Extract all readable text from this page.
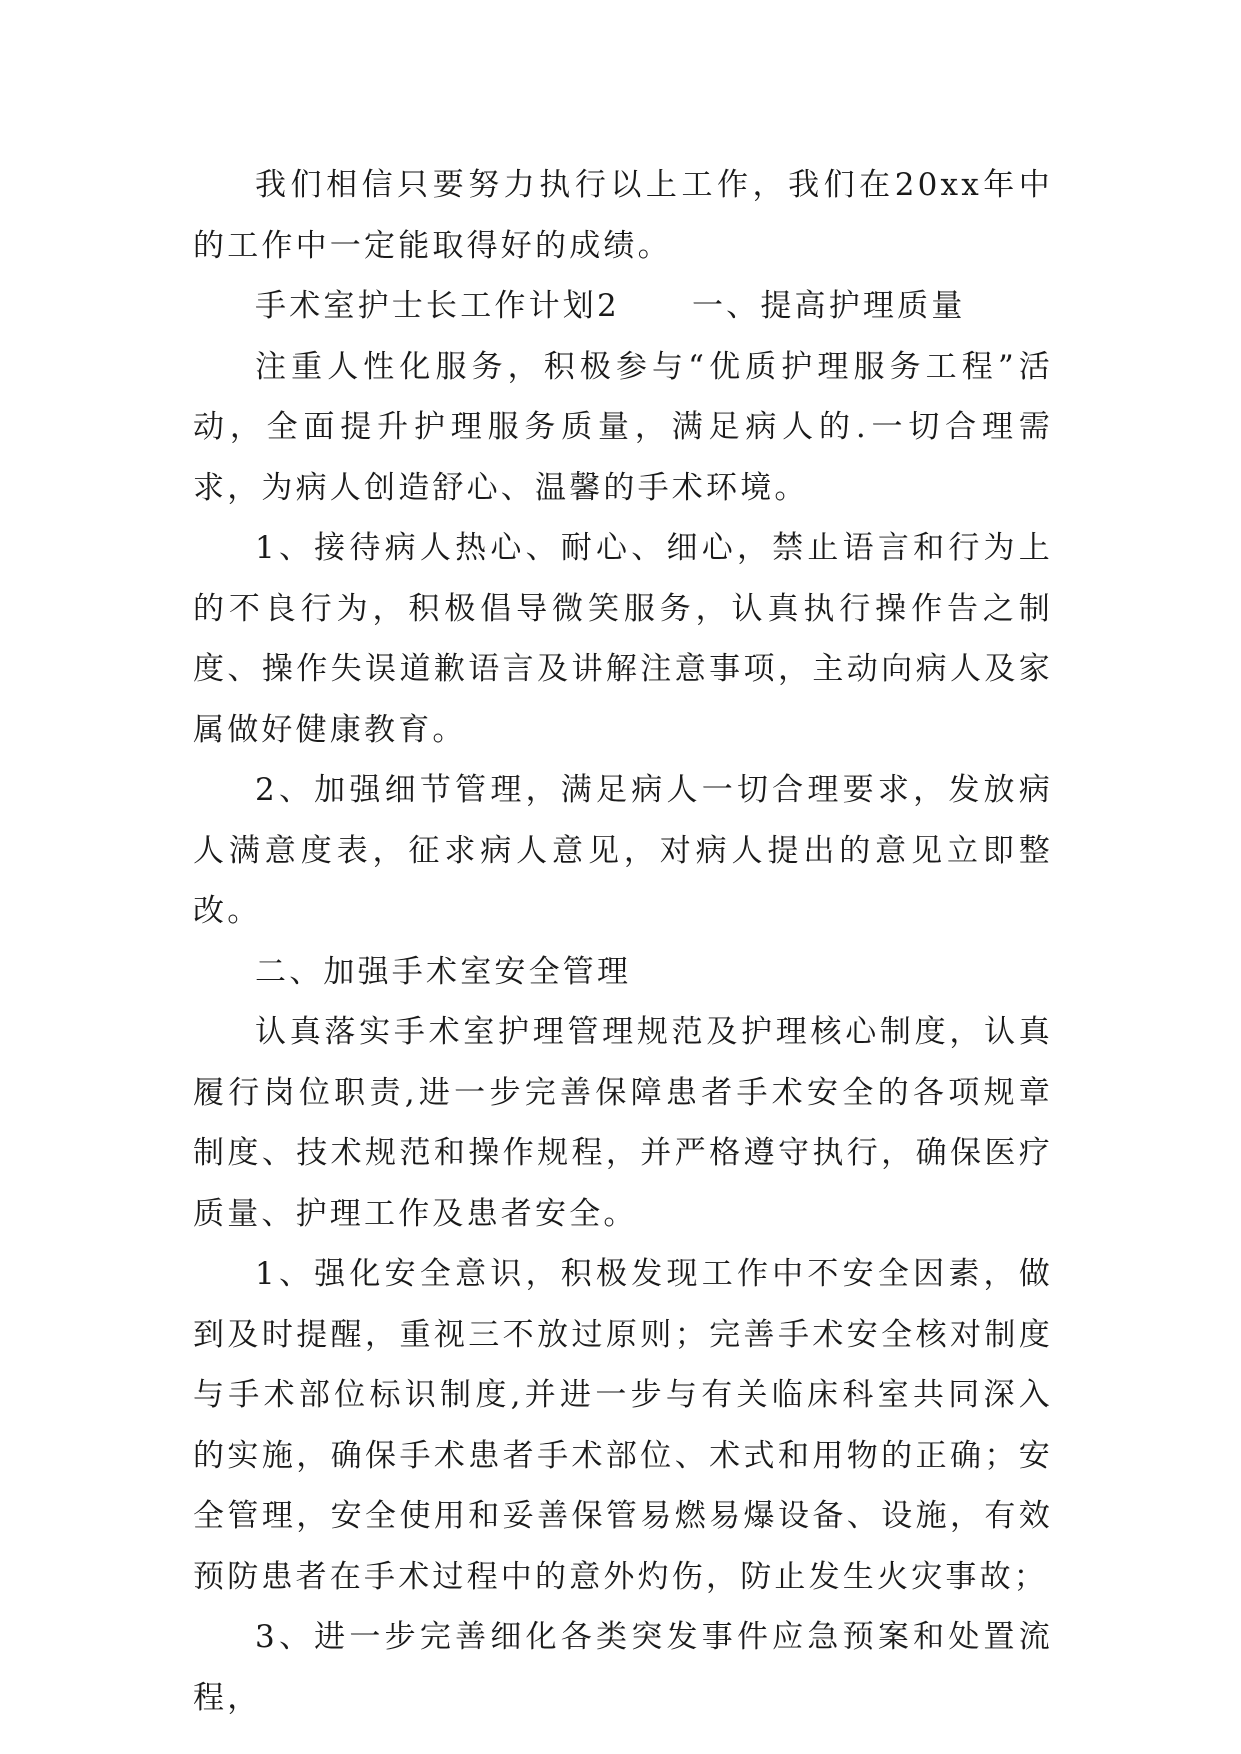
我们相信只要努力执行以上工作，我们在20xx年中的工作中一定能取得好的成绩。

手术室护士长工作计划2 一、提高护理质量

注重人性化服务，积极参与“优质护理服务工程”活动，全面提升护理服务质量，满足病人的.一切合理需求，为病人创造舒心、温馨的手术环境。

1、接待病人热心、耐心、细心，禁止语言和行为上的不良行为，积极倡导微笑服务，认真执行操作告之制度、操作失误道歉语言及讲解注意事项，主动向病人及家属做好健康教育。

2、加强细节管理，满足病人一切合理要求，发放病人满意度表，征求病人意见，对病人提出的意见立即整改。

二、加强手术室安全管理

认真落实手术室护理管理规范及护理核心制度，认真履行岗位职责,进一步完善保障患者手术安全的各项规章制度、技术规范和操作规程，并严格遵守执行，确保医疗质量、护理工作及患者安全。

1、强化安全意识，积极发现工作中不安全因素，做到及时提醒，重视三不放过原则；完善手术安全核对制度与手术部位标识制度,并进一步与有关临床科室共同深入的实施，确保手术患者手术部位、术式和用物的正确；安全管理，安全使用和妥善保管易燃易爆设备、设施，有效预防患者在手术过程中的意外灼伤，防止发生火灾事故；

3、进一步完善细化各类突发事件应急预案和处置流程，
